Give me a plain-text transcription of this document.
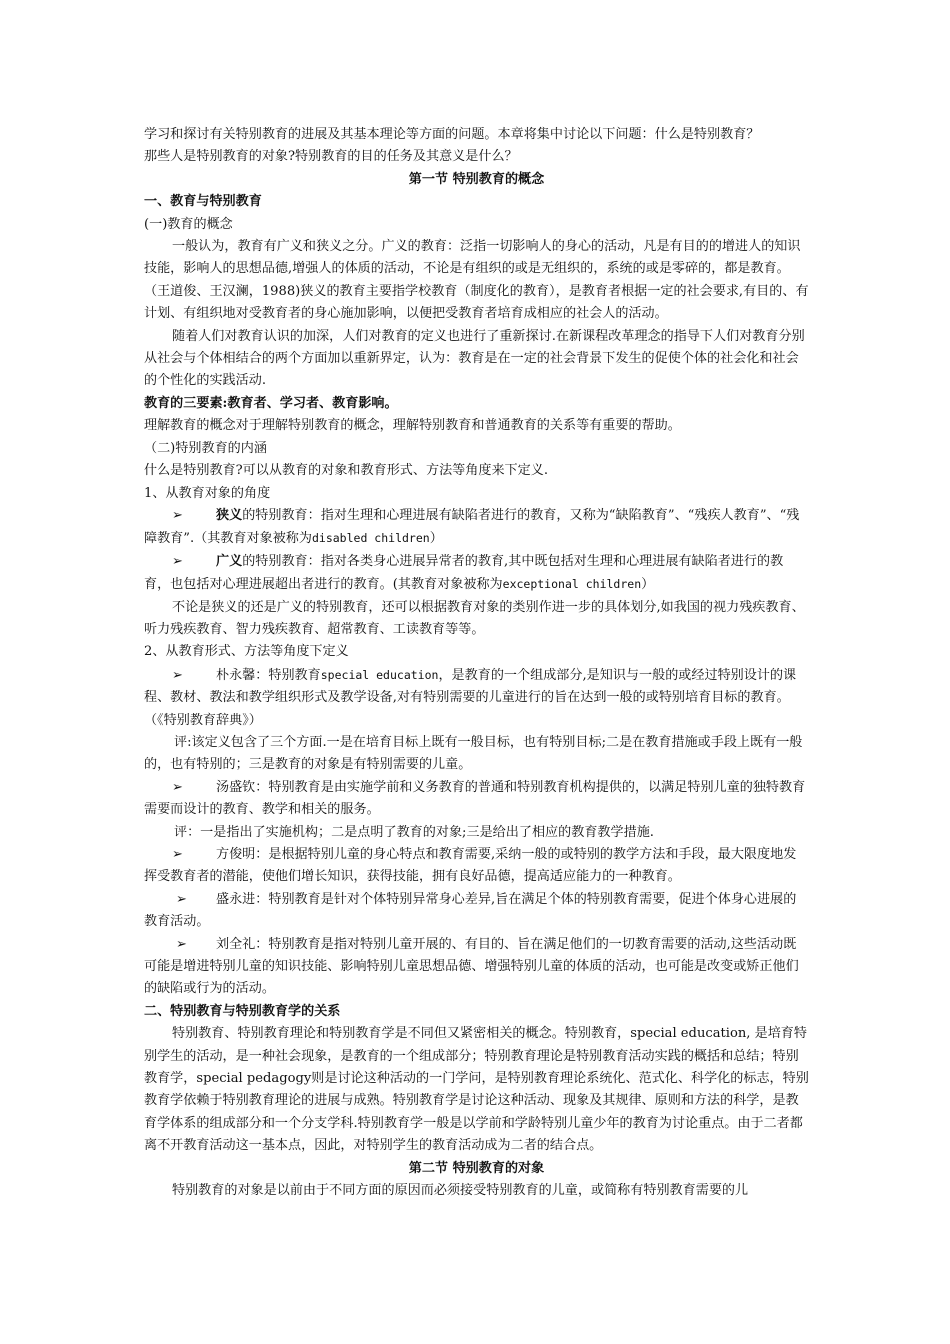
学习和探讨有关特别教育的进展及其基本理论等方面的问题。本章将集中讨论以下问题：什么是特别教育？

那些人是特别教育的对象?特别教育的目的任务及其意义是什么？

第一节 特别教育的概念

一、教育与特别教育

(一)教育的概念

一般认为，教育有广义和狭义之分。广义的教育：泛指一切影响人的身心的活动，凡是有目的的增进人的知识技能，影响人的思想品德,增强人的体质的活动，不论是有组织的或是无组织的，系统的或是零碎的，都是教育。（王道俊、王汉澜，1988)狭义的教育主要指学校教育（制度化的教育），是教育者根据一定的社会要求,有目的、有计划、有组织地对受教育者的身心施加影响，以便把受教育者培育成相应的社会人的活动。

随着人们对教育认识的加深，人们对教育的定义也进行了重新探讨.在新课程改革理念的指导下人们对教育分别从社会与个体相结合的两个方面加以重新界定，认为：教育是在一定的社会背景下发生的促使个体的社会化和社会的个性化的实践活动.

教育的三要素:教育者、学习者、教育影响。

理解教育的概念对于理解特别教育的概念，理解特别教育和普通教育的关系等有重要的帮助。

（二)特别教育的内涵

什么是特别教育?可以从教育的对象和教育形式、方法等角度来下定义.

1、从教育对象的角度

➢	狭义的特别教育：指对生理和心理进展有缺陷者进行的教育，又称为“缺陷教育”、“残疾人教育”、“残障教育”.（其教育对象被称为disabled children）

➢	广义的特别教育：指对各类身心进展异常者的教育,其中既包括对生理和心理进展有缺陷者进行的教育，也包括对心理进展超出者进行的教育。(其教育对象被称为exceptional children）

不论是狭义的还是广义的特别教育，还可以根据教育对象的类别作进一步的具体划分,如我国的视力残疾教育、听力残疾教育、智力残疾教育、超常教育、工读教育等等。

2、从教育形式、方法等角度下定义

➢	朴永馨：特别教育special education，是教育的一个组成部分,是知识与一般的或经过特别设计的课程、教材、教法和教学组织形式及教学设备,对有特别需要的儿童进行的旨在达到一般的或特别培育目标的教育。（《特别教育辞典》）

评:该定义包含了三个方面.一是在培育目标上既有一般目标，也有特别目标;二是在教育措施或手段上既有一般的，也有特别的；三是教育的对象是有特别需要的儿童。

➢	汤盛钦：特别教育是由实施学前和义务教育的普通和特别教育机构提供的，以满足特别儿童的独特教育需要而设计的教育、教学和相关的服务。

评：一是指出了实施机构；二是点明了教育的对象;三是给出了相应的教育教学措施.

➢	方俊明：是根据特别儿童的身心特点和教育需要,采纳一般的或特别的教学方法和手段，最大限度地发挥受教育者的潜能，使他们增长知识，获得技能，拥有良好品德，提高适应能力的一种教育。

➢ 盛永进：特别教育是针对个体特别异常身心差异,旨在满足个体的特别教育需要，促进个体身心进展的教育活动。

➢ 刘全礼：特别教育是指对特别儿童开展的、有目的、旨在满足他们的一切教育需要的活动,这些活动既可能是增进特别儿童的知识技能、影响特别儿童思想品德、增强特别儿童的体质的活动，也可能是改变或矫正他们的缺陷或行为的活动。

二、特别教育与特别教育学的关系

特别教育、特别教育理论和特别教育学是不同但又紧密相关的概念。特别教育，special education, 是培育特别学生的活动，是一种社会现象，是教育的一个组成部分；特别教育理论是特别教育活动实践的概括和总结；特别教育学，special pedagogy则是讨论这种活动的一门学问，是特别教育理论系统化、范式化、科学化的标志，特别教育学依赖于特别教育理论的进展与成熟。特别教育学是讨论这种活动、现象及其规律、原则和方法的科学，是教育学体系的组成部分和一个分支学科.特别教育学一般是以学前和学龄特别儿童少年的教育为讨论重点。由于二者都离不开教育活动这一基本点，因此，对特别学生的教育活动成为二者的结合点。

第二节 特别教育的对象

特别教育的对象是以前由于不同方面的原因而必须接受特别教育的儿童，或简称有特别教育需要的儿
